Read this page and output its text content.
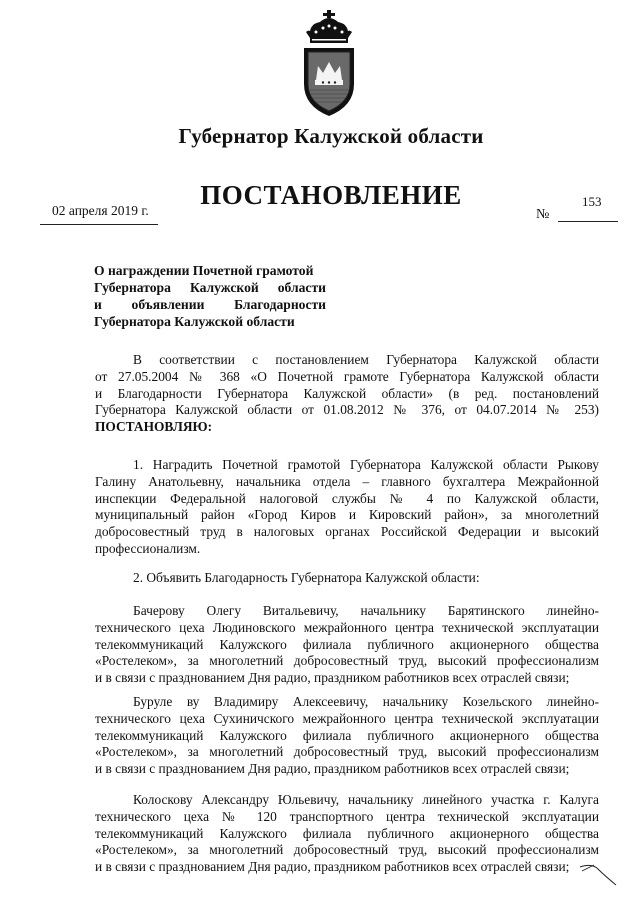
Губернатор Калужской области
ПОСТАНОВЛЕНИЕ
02 апреля 2019 г.	№
153
О награждении Почетной грамотой
Губернатора Калужской области
и объявлении Благодарности
Губернатора Калужской области
В соответствии с постановлением Губернатора Калужской области
от 27.05.2004 № 368 «О Почетной грамоте Губернатора Калужской области
и Благодарности Губернатора Калужской области» (в ред. постановлений
Губернатора Калужской области от 01.08.2012 № 376, от 04.07.2014 № 253)
ПОСТАНОВЛЯЮ:
1. Наградить Почетной грамотой Губернатора Калужской области Рыкову
Галину Анатольевну, начальника отдела – главного бухгалтера Межрайонной
инспекции Федеральной налоговой службы № 4 по Калужской области,
муниципальный район «Город Киров и Кировский район», за многолетний
добросовестный труд в налоговых органах Российской Федерации и высокий
профессионализм.
2. Объявить Благодарность Губернатора Калужской области:
Бачерову Олегу Витальевичу, начальнику Барятинского линейно-
технического цеха Людиновского межрайонного центра технической эксплуатации
телекоммуникаций Калужского филиала публичного акционерного общества
«Ростелеком», за многолетний добросовестный труд, высокий профессионализм
и в связи с празднованием Дня радио, праздником работников всех отраслей связи;
Буруле ву Владимиру Алексеевичу, начальнику Козельского линейно-
технического цеха Сухиничского межрайонного центра технической эксплуатации
телекоммуникаций Калужского филиала публичного акционерного общества
«Ростелеком», за многолетний добросовестный труд, высокий профессионализм
и в связи с празднованием Дня радио, праздником работников всех отраслей связи;
Колоскову Александру Юльевичу, начальнику линейного участка г. Калуга
технического цеха № 120 транспортного центра технической эксплуатации
телекоммуникаций Калужского филиала публичного акционерного общества
«Ростелеком», за многолетний добросовестный труд, высокий профессионализм
и в связи с празднованием Дня радио, праздником работников всех отраслей связи;
